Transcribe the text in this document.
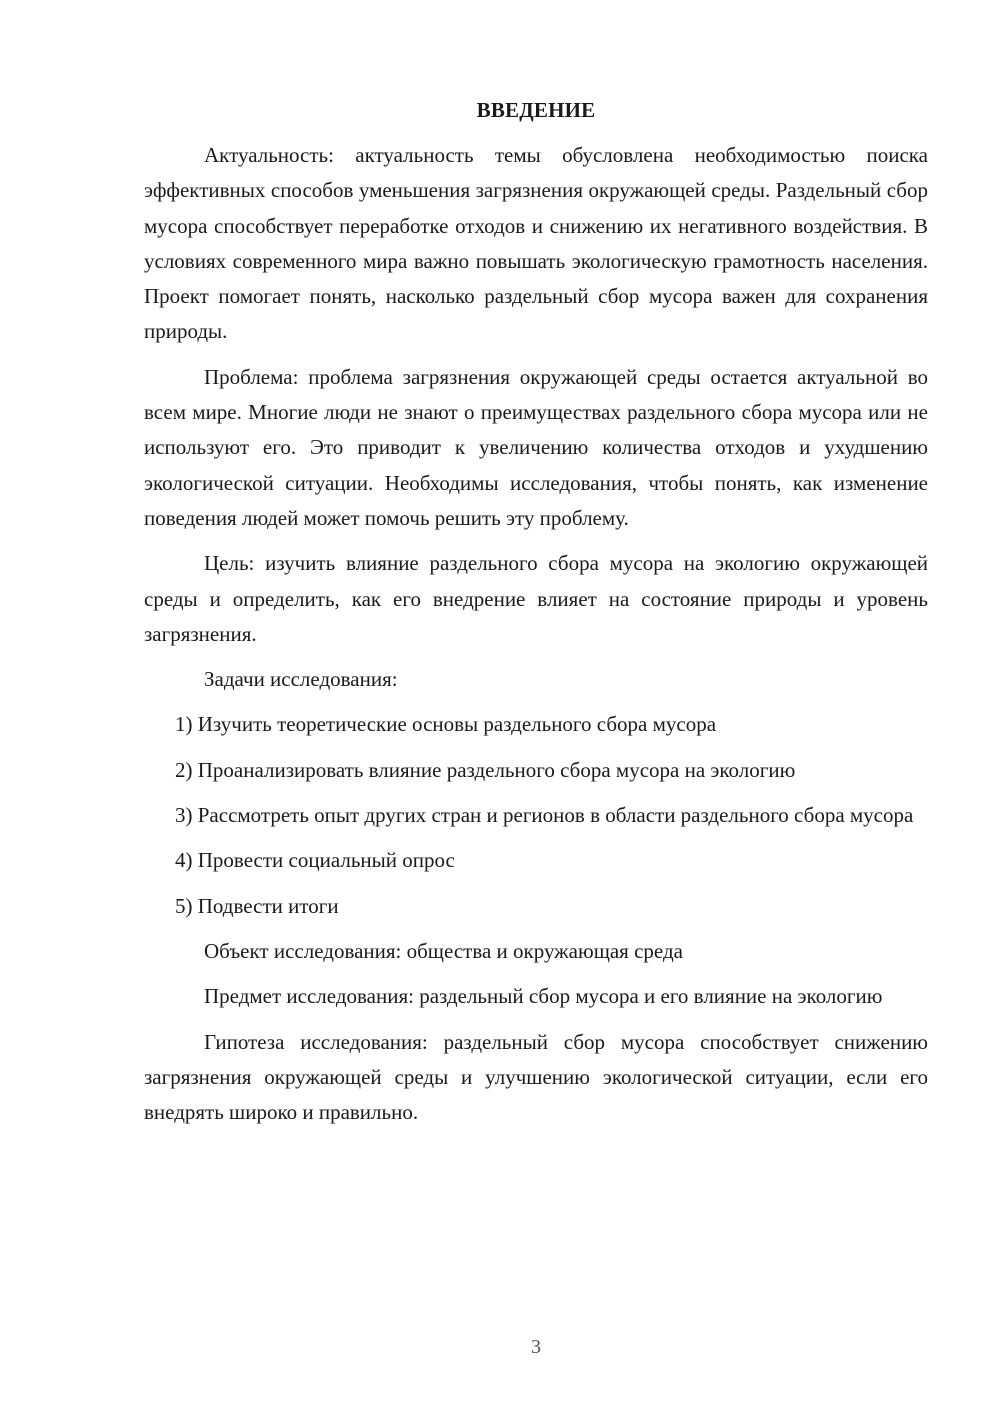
ВВЕДЕНИЕ

Актуальность: актуальность темы обусловлена необходимостью поиска эффективных способов уменьшения загрязнения окружающей среды. Раздельный сбор мусора способствует переработке отходов и снижению их негативного воздействия. В условиях современного мира важно повышать экологическую грамотность населения. Проект помогает понять, насколько раздельный сбор мусора важен для сохранения природы.

Проблема: проблема загрязнения окружающей среды остается актуальной во всем мире. Многие люди не знают о преимуществах раздельного сбора мусора или не используют его. Это приводит к увеличению количества отходов и ухудшению экологической ситуации. Необходимы исследования, чтобы понять, как изменение поведения людей может помочь решить эту проблему.

Цель: изучить влияние раздельного сбора мусора на экологию окружающей среды и определить, как его внедрение влияет на состояние природы и уровень загрязнения.

Задачи исследования:

1) Изучить теоретические основы раздельного сбора мусора

2) Проанализировать влияние раздельного сбора мусора на экологию

3) Рассмотреть опыт других стран и регионов в области раздельного сбора мусора

4) Провести социальный опрос

5) Подвести итоги

Объект исследования: общества и окружающая среда

Предмет исследования: раздельный сбор мусора и его влияние на экологию

Гипотеза исследования: раздельный сбор мусора способствует снижению загрязнения окружающей среды и улучшению экологической ситуации, если его внедрять широко и правильно.

3
